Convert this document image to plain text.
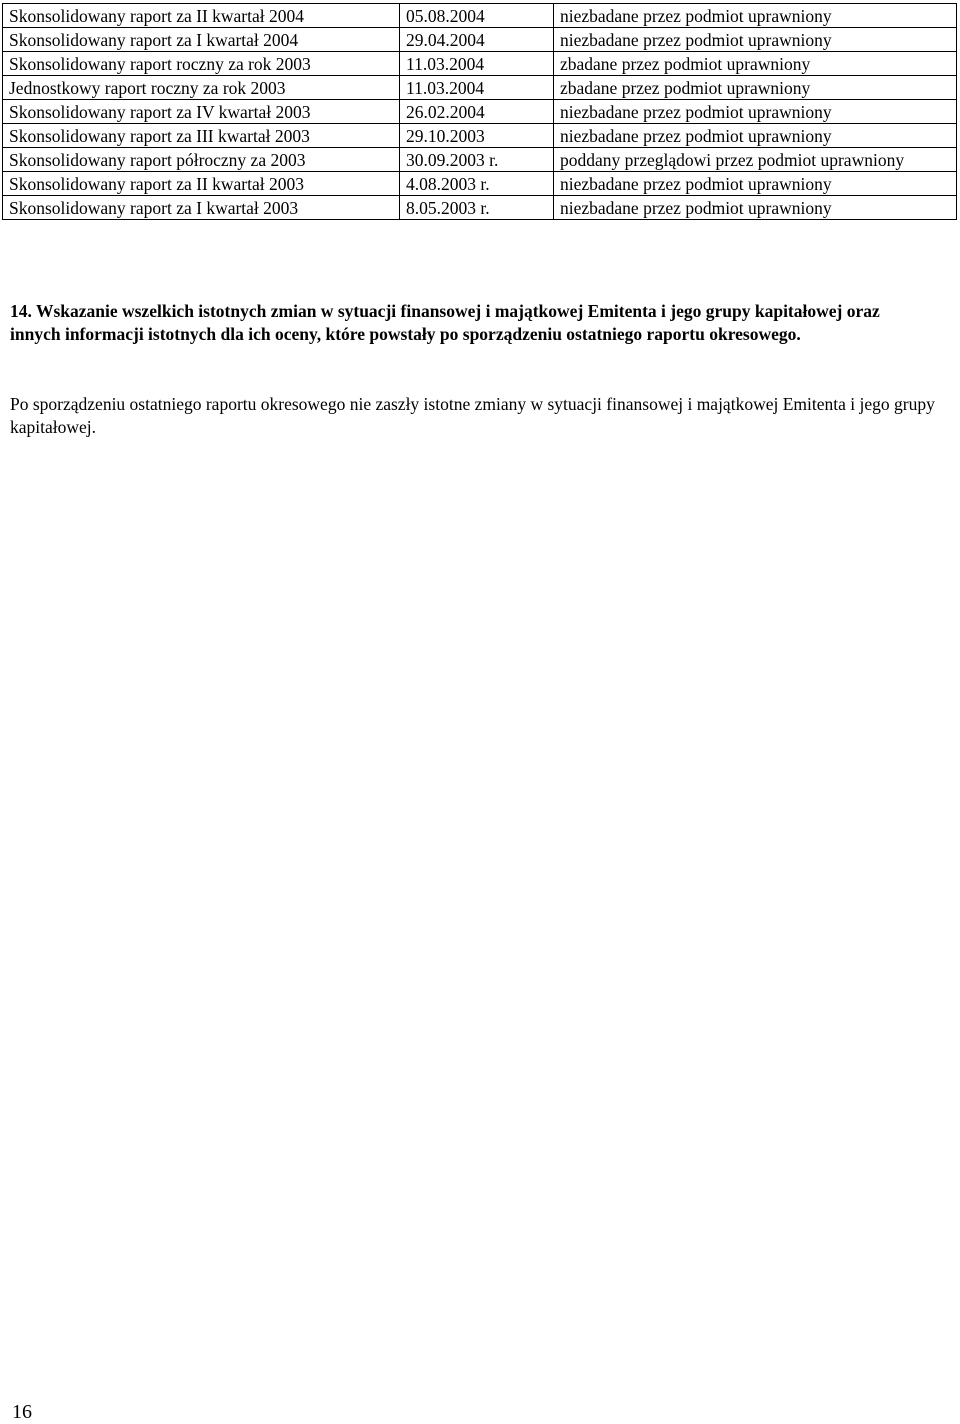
Skonsolidowany raport za II kwartał 2004	05.08.2004	niezbadane przez podmiot uprawniony
Skonsolidowany raport za I kwartał 2004	29.04.2004	niezbadane przez podmiot uprawniony
Skonsolidowany raport roczny za rok 2003	11.03.2004	zbadane przez podmiot uprawniony
Jednostkowy raport roczny za rok 2003	11.03.2004	zbadane przez podmiot uprawniony
Skonsolidowany raport za IV kwartał 2003	26.02.2004	niezbadane przez podmiot uprawniony
Skonsolidowany raport za III kwartał 2003	29.10.2003	niezbadane przez podmiot uprawniony
Skonsolidowany raport półroczny za 2003	30.09.2003 r.	poddany przeglądowi przez podmiot uprawniony
Skonsolidowany raport za II kwartał 2003	4.08.2003 r.	niezbadane przez podmiot uprawniony
Skonsolidowany raport za I kwartał 2003	8.05.2003 r.	niezbadane przez podmiot uprawniony

14. Wskazanie wszelkich istotnych zmian w sytuacji finansowej i majątkowej Emitenta i jego grupy kapitałowej oraz innych informacji istotnych dla ich oceny, które powstały po sporządzeniu ostatniego raportu okresowego.

Po sporządzeniu ostatniego raportu okresowego nie zaszły istotne zmiany w sytuacji finansowej i majątkowej Emitenta i jego grupy kapitałowej.

16
